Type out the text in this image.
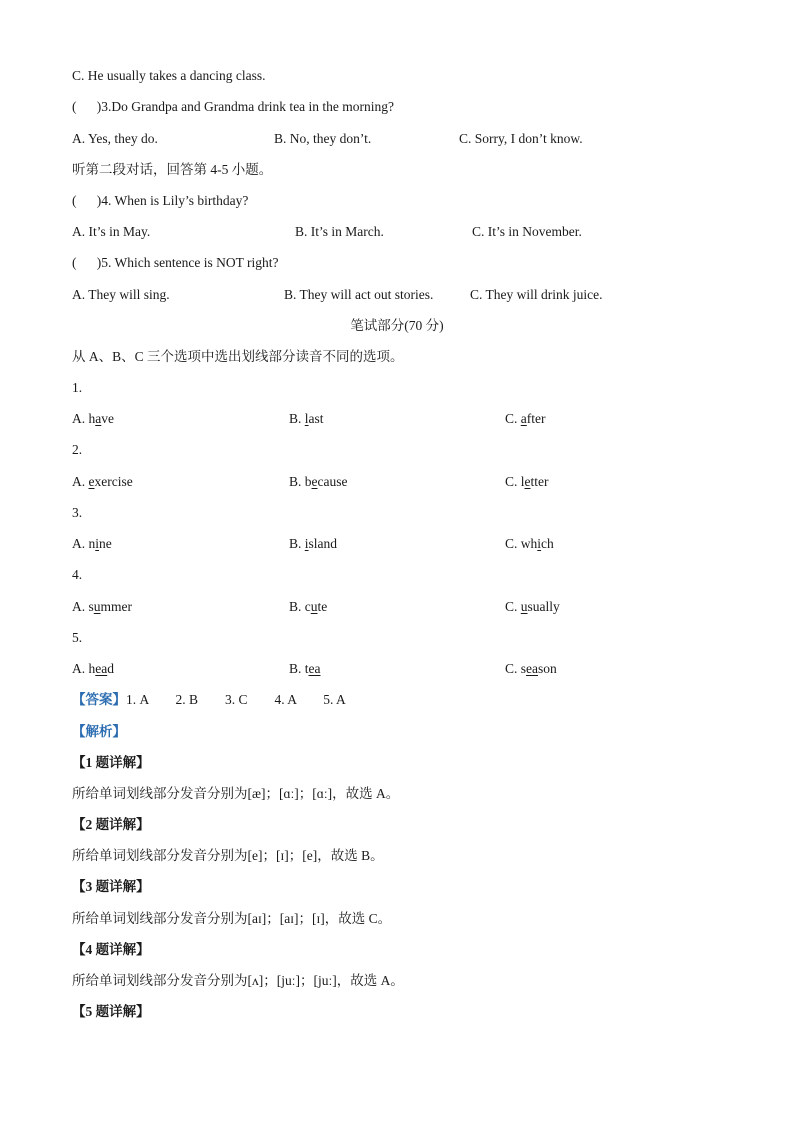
C. He usually takes a dancing class.
(      )3.Do Grandpa and Grandma drink tea in the morning?
A. Yes, they do.	B. No, they don’t.	C. Sorry, I don’t know.
听第二段对话，回答第 4-5 小题。
(      )4. When is Lily’s birthday?
A. It’s in May.	B. It’s in March.	C. It’s in November.
(      )5. Which sentence is NOT right?
A. They will sing.	B. They will act out stories.	C. They will drink juice.
笔试部分(70 分)
从 A、B、C 三个选项中选出划线部分读音不同的选项。
1.
A. have	B. last	C. after
2.
A. exercise	B. because	C. letter
3.
A. nine	B. island	C. which
4.
A. summer	B. cute	C. usually
5.
A. head	B. tea	C. season
【答案】1. A        2. B        3. C        4. A        5. A
【解析】
【1 题详解】
所给单词划线部分发音分别为[æ]；[ɑː]；[ɑː]，故选 A。
【2 题详解】
所给单词划线部分发音分别为[e]；[ɪ]；[e]，故选 B。
【3 题详解】
所给单词划线部分发音分别为[aɪ]；[aɪ]；[ɪ]，故选 C。
【4 题详解】
所给单词划线部分发音分别为[ʌ]；[juː]；[juː]，故选 A。
【5 题详解】
